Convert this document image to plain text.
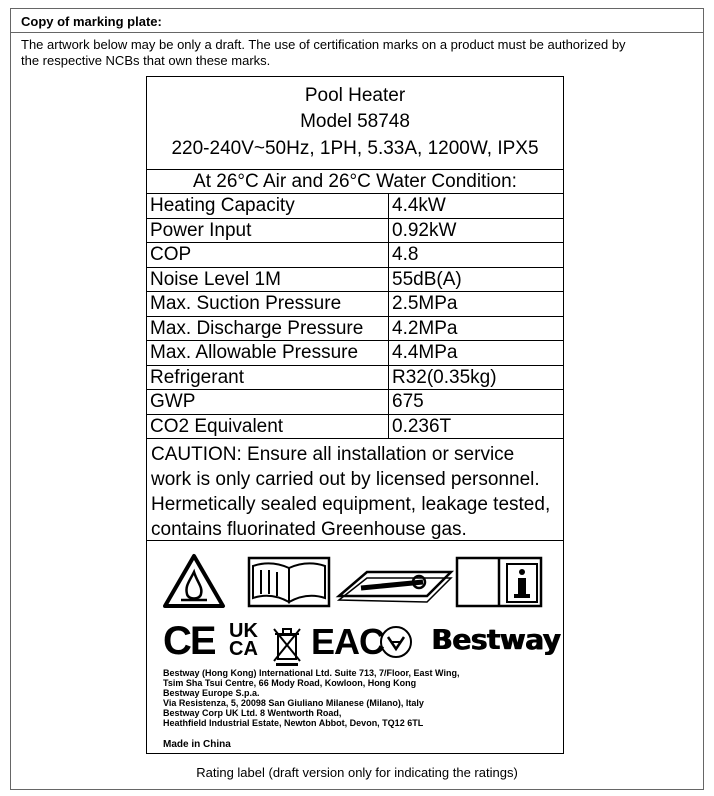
Copy of marking plate:
The artwork below may be only a draft. The use of certification marks on a product must be authorized by
the respective NCBs that own these marks.
Pool Heater
Model 58748
220-240V~50Hz, 1PH, 5.33A, 1200W, IPX5
At 26°C Air and 26°C Water Condition:
Heating Capacity	4.4kW
Power Input	0.92kW
COP	4.8
Noise Level 1M	55dB(A)
Max. Suction Pressure	2.5MPa
Max. Discharge Pressure 4.2MPa
Max. Allowable Pressure 4.4MPa
Refrigerant	R32(0.35kg)
GWP	675
CO2 Equivalent	0.236T
CAUTION: Ensure all installation or service
work is only carried out by licensed personnel.
Hermetically sealed equipment, leakage tested,
contains fluorinated Greenhouse gas.
CE UK
CA EAC Bestway
Bestway (Hong Kong) International Ltd. Suite 713, 7/Floor, East Wing,
Tsim Sha Tsui Centre, 66 Mody Road, Kowloon, Hong Kong
Bestway Europe S.p.a.
Via Resistenza, 5, 20098 San Giuliano Milanese (Milano), Italy
Bestway Corp UK Ltd. 8 Wentworth Road,
Heathfield Industrial Estate, Newton Abbot, Devon, TQ12 6TL
Made in China
Rating label (draft version only for indicating the ratings)
